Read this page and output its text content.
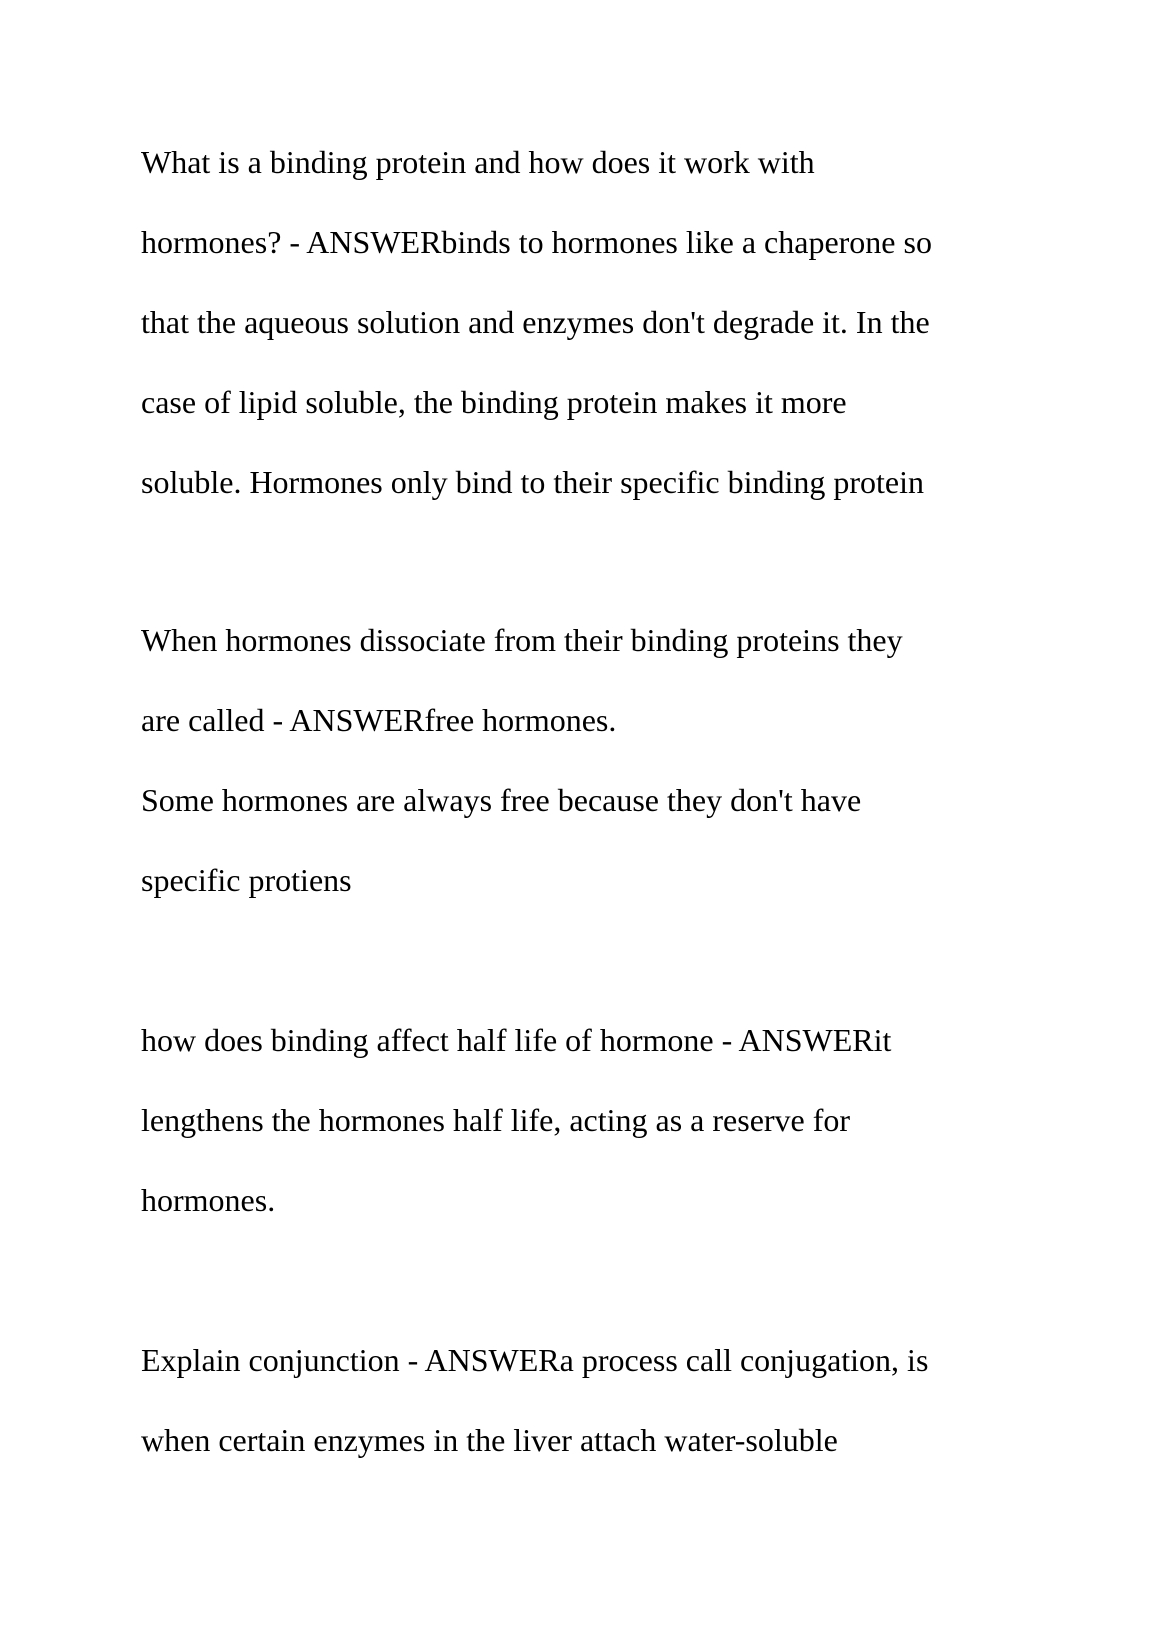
What is a binding protein and how does it work with

hormones? - ANSWERbinds to hormones like a chaperone so

that the aqueous solution and enzymes don't degrade it. In the

case of lipid soluble, the binding protein makes it more

soluble. Hormones only bind to their specific binding protein

When hormones dissociate from their binding proteins they

are called - ANSWERfree hormones.

Some hormones are always free because they don't have

specific protiens

how does binding affect half life of hormone - ANSWERit

lengthens the hormones half life, acting as a reserve for

hormones.

Explain conjunction - ANSWERa process call conjugation, is

when certain enzymes in the liver attach water-soluble
